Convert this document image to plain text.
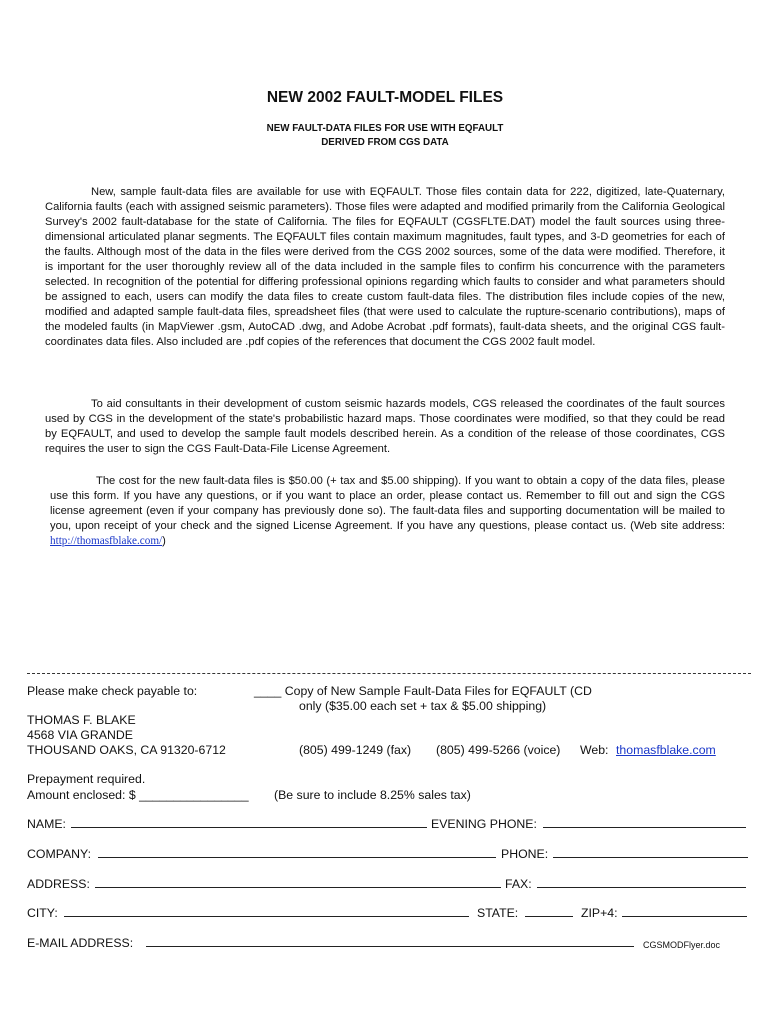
NEW 2002 FAULT-MODEL FILES
NEW FAULT-DATA FILES FOR USE WITH EQFAULT
DERIVED FROM CGS DATA

New, sample fault-data files are available for use with EQFAULT. Those files contain data for 222, digitized, late-Quaternary, California faults (each with assigned seismic parameters). Those files were adapted and modified primarily from the California Geological Survey's 2002 fault-database for the state of California. The files for EQFAULT (CGSFLTE.DAT) model the fault sources using three-dimensional articulated planar segments. The EQFAULT files contain maximum magnitudes, fault types, and 3-D geometries for each of the faults. Although most of the data in the files were derived from the CGS 2002 sources, some of the data were modified. Therefore, it is important for the user thoroughly review all of the data included in the sample files to confirm his concurrence with the parameters selected. In recognition of the potential for differing professional opinions regarding which faults to consider and what parameters should be assigned to each, users can modify the data files to create custom fault-data files. The distribution files include copies of the new, modified and adapted sample fault-data files, spreadsheet files (that were used to calculate the rupture-scenario contributions), maps of the modeled faults (in MapViewer .gsm, AutoCAD .dwg, and Adobe Acrobat .pdf formats), fault-data sheets, and the original CGS fault-coordinates data files. Also included are .pdf copies of the references that document the CGS 2002 fault model.

To aid consultants in their development of custom seismic hazards models, CGS released the coordinates of the fault sources used by CGS in the development of the state's probabilistic hazard maps. Those coordinates were modified, so that they could be read by EQFAULT, and used to develop the sample fault models described herein. As a condition of the release of those coordinates, CGS requires the user to sign the CGS Fault-Data-File License Agreement.

The cost for the new fault-data files is $50.00 (+ tax and $5.00 shipping). If you want to obtain a copy of the data files, please use this form. If you have any questions, or if you want to place an order, please contact us. Remember to fill out and sign the CGS license agreement (even if your company has previously done so). The fault-data files and supporting documentation will be mailed to you, upon receipt of your check and the signed License Agreement. If you have any questions, please contact us. (Web site address: http://thomasfblake.com/)

Please make check payable to:	____ Copy of New Sample Fault-Data Files for EQFAULT (CD
only ($35.00 each set + tax & $5.00 shipping)
THOMAS F. BLAKE
4568 VIA GRANDE
THOUSAND OAKS, CA 91320-6712	(805) 499-1249 (fax) (805) 499-5266 (voice) Web: thomasfblake.com
Prepayment required.
Amount enclosed: $ ________________ (Be sure to include 8.25% sales tax)
NAME:	EVENING PHONE:
COMPANY:	PHONE:
ADDRESS:	FAX:
CITY:	STATE:	ZIP+4:
E-MAIL ADDRESS:	CGSMODFlyer.doc
